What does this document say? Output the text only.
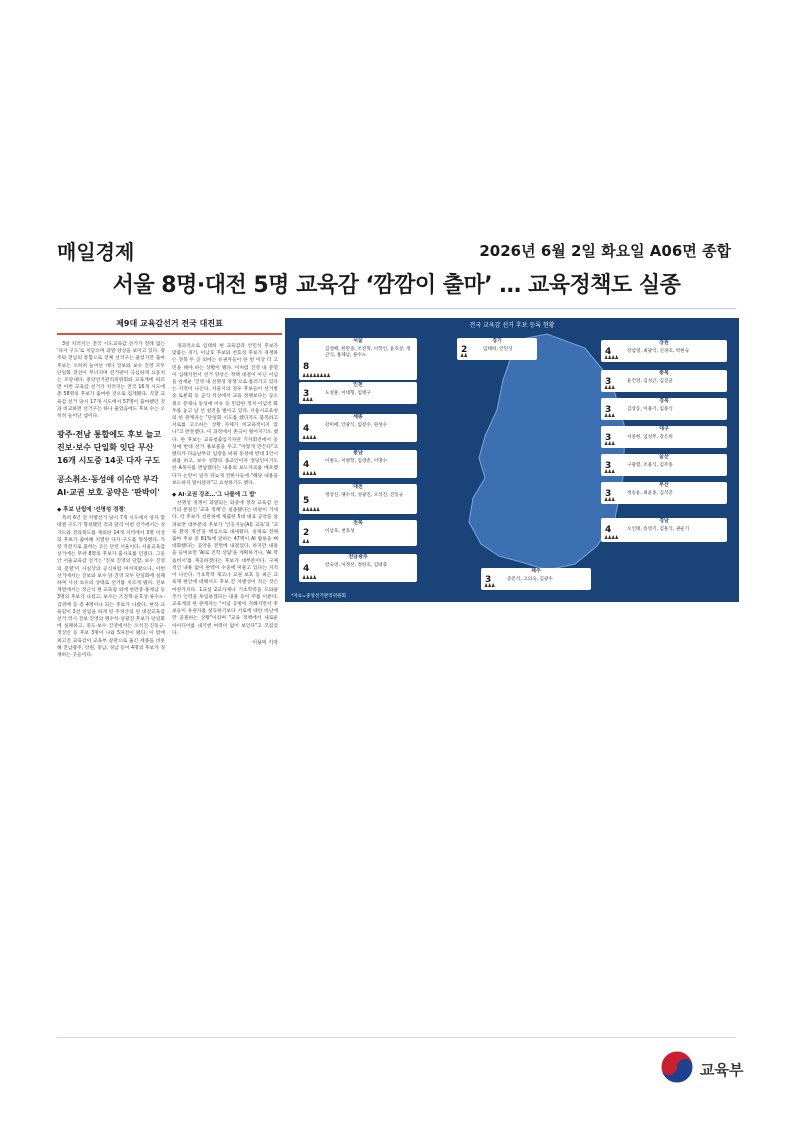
매일경제	2026년 6월 2일 화요일 A06면 종합
서울 8명·대전 5명 교육감 ‘깜깜이 출마’ … 교육정책도 실종
제9대 교육감선거 전국 대진표

3일 치러지는 전국 시도교육감 선거가 전례 없는 '다자 구도'로 치닫으며 과열 양상을 보이고 있다. 광주와 전남의 통합으로 전체 선거구는 줄었지만 출마 후보는 오히려 늘어난 데다 진보와 보수 진영 모두 단일화 전선이 무너지며 선거판이 극심하게 요동치는 모양새다. 중앙선거관리위원회와 교육계에 따르면 이번 교육감 선거가 치러지는 전국 16개 시도에 총 58명의 후보가 출마한 것으로 집계됐다. 직전 교육감 선거 당시 17개 시도에서 57명이 출마했던 것과 비교하면 선거구는 하나 줄었음에도 후보 수는 오히려 늘어난 셈이다.

광주·전남 통합에도 후보 늘고
진보·보수 단일화 잇단 무산
16개 시도중 14곳 다자 구도
공소취소·동성애 이슈만 부각
AI·교권 보호 공약은 '판박이'
◆ 후보 난립에 '선명성 경쟁'

특히 6년 전 지방선거 당시 7개 시도에서 양자 맞대결 구도가 형성됐던 것과 달리 이번 선거에서는 경기도와 전라북도를 제외한 14개 지역에서 3명 이상의 후보가 출마해 치열한 다자 구도를 형성했다. 가장 격전지로 꼽히는 곳은 단연 서울이다. 서울교육감 선거에는 무려 8명의 후보가 출사표를 던졌다. 그동안 서울교육감 선거는 '진보 진영의 단합, 보수 진영의 분열'이 사실상의 공식처럼 여겨져왔으나, 이번 선거에서는 진보와 보수 양 진영 모두 단일화에 실패하며 사상 초유의 상태로 선거를 치르게 됐다. 진보계열에서는 정근식 현 교육감 외에 한만중·홍제남 등 3명의 후보가 나섰고, 보수는 조전혁·윤호상·류수노·김영배 등 총 4명이나 되는 후보가 나왔다. 현직 교육감이 3선 연임을 하게 된 주경산의 된 대전교육감 선거 역시 진보 진영의 맹수석·성광진 후보가 단일화에 실패하고, 중도·보수 진영에서는 오석진·진동규·정상신 등 후보 3명이 나와 5파전이 됐다. 이 밖에 최고진 교육감이 교육부 장관으로 옮긴 세종을 비롯해 전남광주, 강원, 충남, 경남 등이 4명의 후보가 경쟁하는 곳들이다.

경과적으로 임태희 현 교육감과 안민석 후보가 맞붙는 경기, 이남호 후보와 천호성 후보가 경쟁하는 전북 두 곳 외에는 유권자들이 한 번 이상 더 고민을 해야 하는 상황이 됐다. 이처럼 진영 내 분열이 심해지면서 선거 양상은 정책 대결이 아닌 이념을 앞세운 '진영 내 선명성 경쟁'으로 흘러가고 있다는 지적이 나온다. 서울시의 경우 후보들이 선거방송 토론회 등 공식 석상에서 교육 정책보다는 공소 취소 문제나 동성애 이슈 등 민감한 정치·이념적 화두를 놓고 날 선 설전을 벌이고 있다. 서울시교육청의 한 관계자는 "단일화 시도를 했다가도 불복하고 서로를 고소하는 상황 자체가 비교육적이지 않나"고 반문했다. 이 과정에서 촌극이 벌어지기도 했다. 한 후보는 교육청출입기자단 기자회견에서 동성애 반대 선거 홍보물을 두고 "이렇게 만든다"고 했다가 다음날부터 입장을 바꿔 동성애 반대 1인시위를 하고, 보수 성향의 종교인이자 정당인이기도 한 A목사를 면담했다는 내용의 보도자료를 배포했다가 논란이 일자 뒤늦게 언론사들에 "해당 내용을 보도하지 말아달라"고 요청하기도 했다.

◆ AI·교권 강조…'그 나물에 그 밥'

선명성 경쟁이 과열되는 와중에 정작 교육감 선거의 본질인 '교육 정책'은 실종됐다는 비판이 거세다. 각 후보가 선관위에 제출한 5대 대표 공약을 살펴보면 대부분의 후보가 '인공지능(AI) 교육'과 '교육 환경 개선'을 핵심으로 내세웠다. 실제로 전체 출마 후보 중 81%에 달하는 47명이 AI 활용을 뼈대화했다는 공약을 전면에 내걸었다. 하지만 내용을 들여보면 'AI로 진학 상담'을 계획하거나, 'AI 학습비서'를 제공하겠다는 후보가 대부분이다. 구체적인 내용 없이 판박이 수준에 머물고 있다는 지적이 나온다. 기초학력 제고나 교권 보호 등 최근 교육계 현안에 대해서도 후보 간 차별성이 적은 것은 마찬가지다. 1교실 2교사제나 기초학력을 도와줄 추가 인력을 투입하겠다는 내용 등이 주를 이룬다. 교육계의 한 관계자는 "이념 공방이 격해지면서 후보들이 유권자를 설득하기보다 서로에 대한 비난에만 골몰하는 상황"이라며 "교육 정책에서 새로운 아이디어를 내기엔 여력이 없어 보인다"고 꼬집었다.

이용익 기자
전국 교육감 선거 후보 등록 현황
서울
8
♟♟♟♟♟♟♟♟
김영배, 한만중, 조전혁, 이학인, 윤호상, 정근식, 홍제남, 류수노
인천
3
♟♟♟
도성훈, 이대형, 임병구
세종
4
♟♟♟♟
강미애, 안광식, 임전수, 원성수
충남
4
♟♟♟♟
이병도, 이병학, 김영춘, 이명수
대전
5
♟♟♟♟♟
정상신, 맹수석, 성광진, 오석진, 진동규
전북
2
♟♟
이남호, 천호성
전남광주
4
♟♟♟♟
강숙영, 이정선, 정한호, 김대중
경기
2
♟♟
임태희, 안민석
강원
4
♟♟♟♟
강삼영, 최광익, 신경호, 박현숙
충북
3
♟♟♟
윤건영, 김성근, 김진균
경북
3
♟♟♟
김상동, 이용기, 임종식
대구
3
♟♟♟
서중현, 임성무, 강은희
울산
3
♟♟♟
구광렬, 조용식, 김주홍
부산
3
♟♟♟
정승윤, 최윤홍, 김석준
경남
4
♟♟♟♟
오인태, 송영기, 김훈식, 권순기
제주
3
♟♟♟
송문석, 고의숙, 김광수
*자료=중앙선거관리위원회
교육부
